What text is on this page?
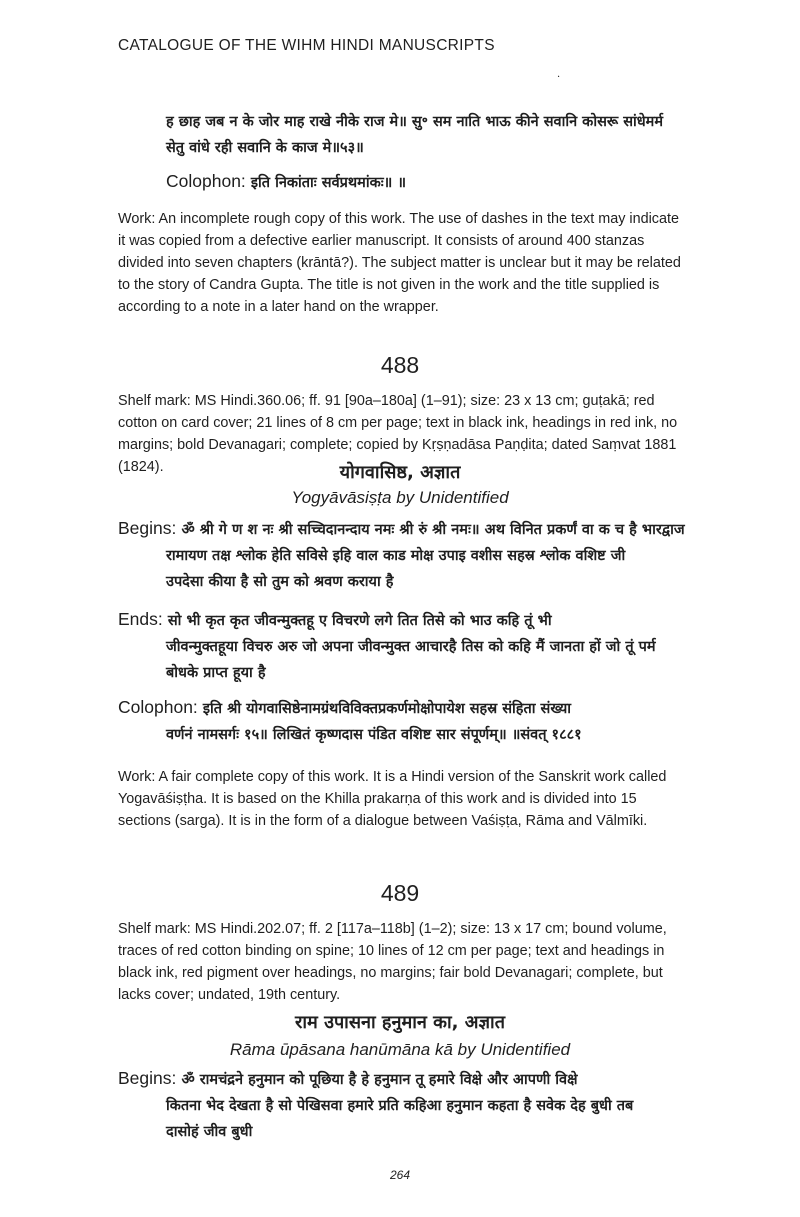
CATALOGUE OF THE WIHM HINDI MANUSCRIPTS
·
ह छाह जब न के जोर माह राखे नीके राज मे॥ सु॰ सम नाति भाऊ कीने सवानि कोसरू सांधेमर्म
सेतु वांधे रही सवानि के काज मे॥५३॥
Colophon: इति निकांताः सर्वप्रथमांकः॥ ॥
Work: An incomplete rough copy of this work. The use of dashes in the text may indicate it was copied from a defective earlier manuscript. It consists of around 400 stanzas divided into seven chapters (krāntā?). The subject matter is unclear but it may be related to the story of Candra Gupta. The title is not given in the work and the title supplied is according to a note in a later hand on the wrapper.
488
Shelf mark: MS Hindi.360.06; ff. 91 [90a–180a] (1–91); size: 23 x 13 cm; guṭakā; red cotton on card cover; 21 lines of 8 cm per page; text in black ink, headings in red ink, no margins; bold Devanagari; complete; copied by Kṛṣṇadāsa Paṇḍita; dated Saṃvat 1881 (1824).	योगवासिष्ठ, अज्ञात
Yogyāvāsiṣṭa by Unidentified
Begins: ॐ श्री गे ण श नः श्री सच्चिदानन्दाय नमः श्री रुं श्री नमः॥ अथ विनित प्रकर्णं वा क च है भारद्वाज
रामायण तक्ष श्लोक हेति सविसे इहि वाल काड मोक्ष उपाइ वशीस सहस्र श्लोक वशिष्ट जी
उपदेसा कीया है सो तुम को श्रवण कराया है
Ends: सो भी कृत कृत जीवन्मुक्तहू ए विचरणे लगे तित तिसे को भाउ कहि तूं भी
जीवन्मुक्तहूया विचरु अरु जो अपना जीवन्मुक्त आचारहै तिस को कहि मैं जानता हों जो तूं पर्म
बोधके प्राप्त हूया है
Colophon: इति श्री योगवासिष्ठेनामग्रंथविविक्तप्रकर्णमोक्षोपायेश सहस्र संहिता संख्या
वर्णनं नामसर्गः १५॥ लिखितं कृष्णदास पंडित वशिष्ट सार संपूर्णम्॥ ॥संवत् १८८१
Work: A fair complete copy of this work. It is a Hindi version of the Sanskrit work called Yogavāśiṣṭha. It is based on the Khilla prakarṇa of this work and is divided into 15 sections (sarga). It is in the form of a dialogue between Vaśiṣṭa, Rāma and Vālmīki.
489
Shelf mark: MS Hindi.202.07; ff. 2 [117a–118b] (1–2); size: 13 x 17 cm; bound volume, traces of red cotton binding on spine; 10 lines of 12 cm per page; text and headings in black ink, red pigment over headings, no margins; fair bold Devanagari; complete, but lacks cover; undated, 19th century.
राम उपासना हनुमान का, अज्ञात
Rāma ūpāsana hanūmāna kā by Unidentified
Begins: ॐ रामचंद्रने हनुमान को पूछिया है हे हनुमान तू हमारे विक्षे और आपणी विक्षे
कितना भेद देखता है सो पेखिसवा हमारे प्रति कहिआ हनुमान कहता है सवेक देह बुधी तब
दासोहं जीव बुधी
264
